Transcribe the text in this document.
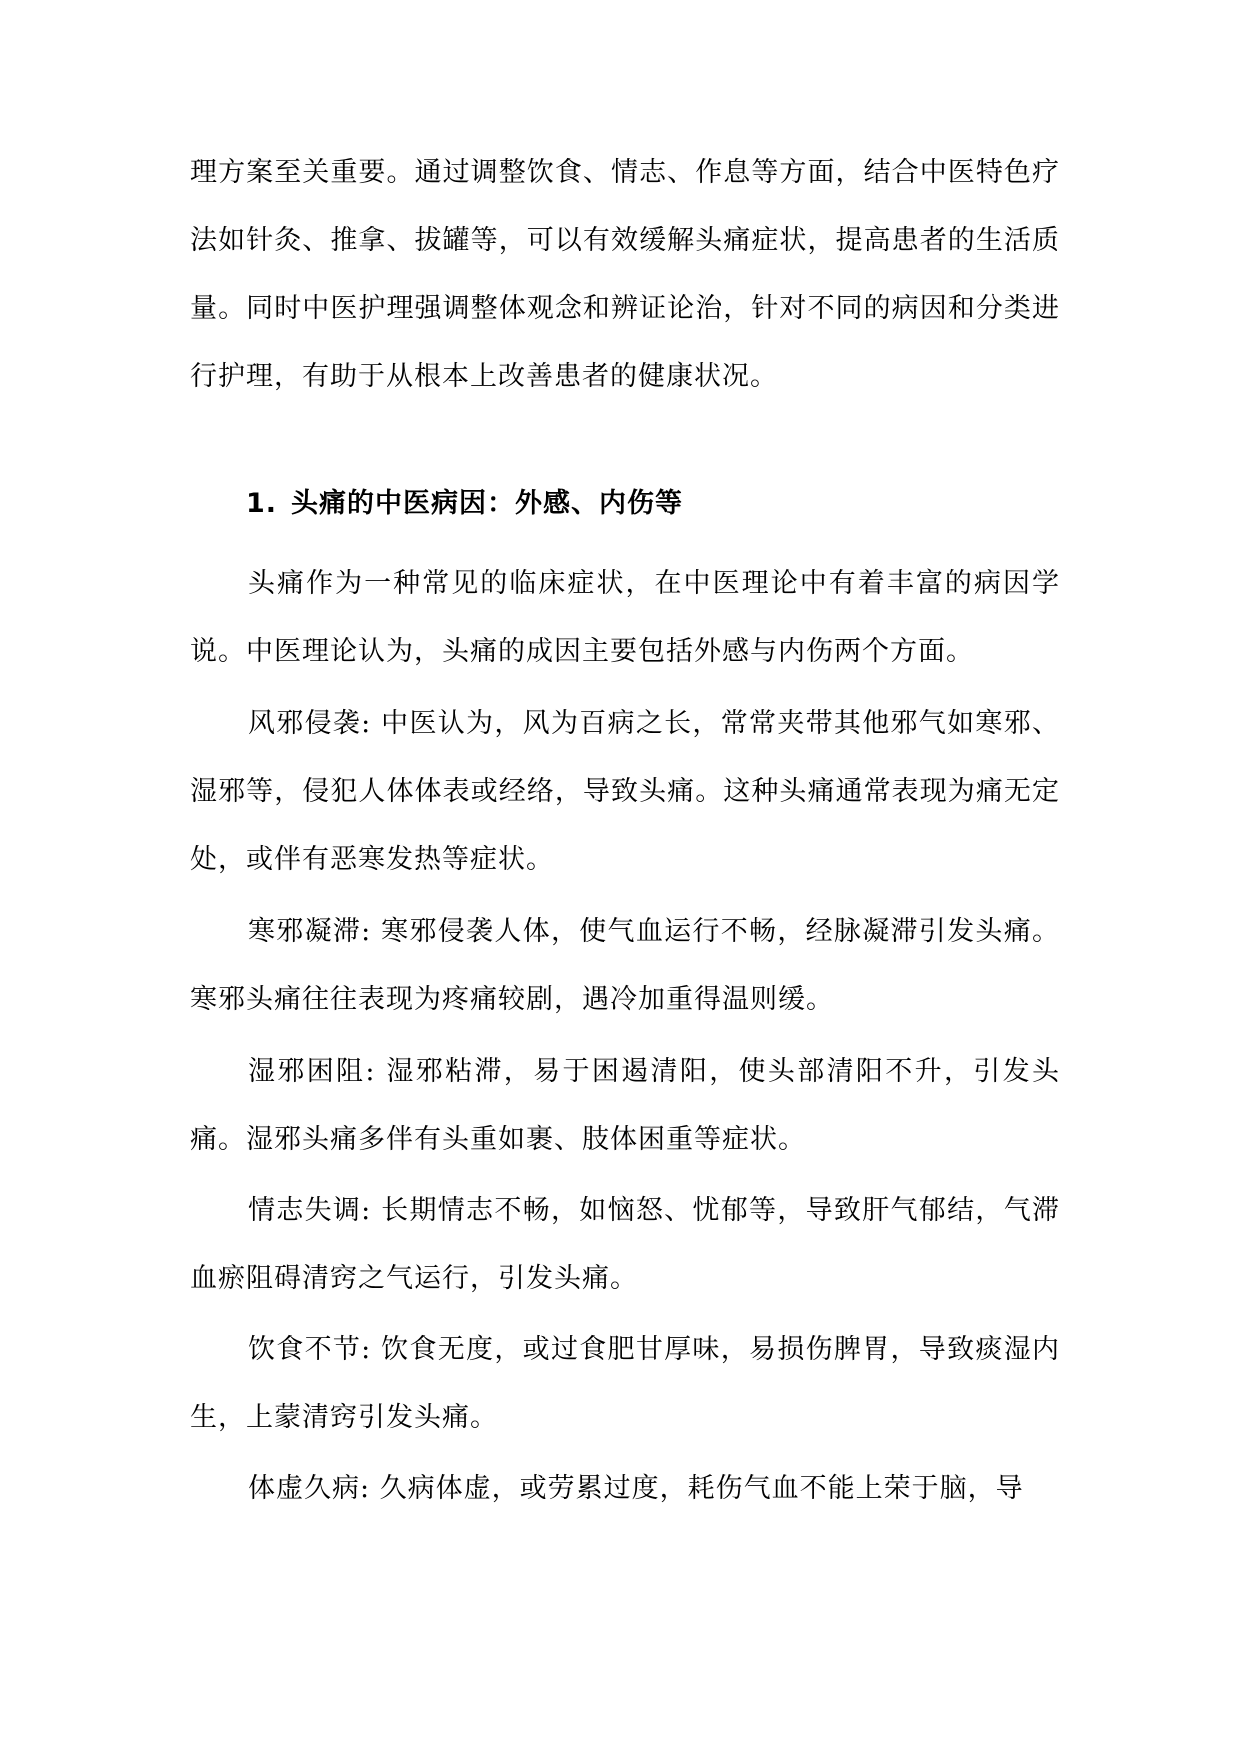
理方案至关重要。通过调整饮食、情志、作息等方面，结合中医特色疗法如针灸、推拿、拔罐等，可以有效缓解头痛症状，提高患者的生活质量。同时中医护理强调整体观念和辨证论治，针对不同的病因和分类进行护理，有助于从根本上改善患者的健康状况。

1. 头痛的中医病因：外感、内伤等

头痛作为一种常见的临床症状，在中医理论中有着丰富的病因学说。中医理论认为，头痛的成因主要包括外感与内伤两个方面。

风邪侵袭: 中医认为，风为百病之长，常常夹带其他邪气如寒邪、湿邪等，侵犯人体体表或经络，导致头痛。这种头痛通常表现为痛无定处，或伴有恶寒发热等症状。

寒邪凝滞: 寒邪侵袭人体，使气血运行不畅，经脉凝滞引发头痛。寒邪头痛往往表现为疼痛较剧，遇冷加重得温则缓。

湿邪困阻: 湿邪粘滞，易于困遏清阳，使头部清阳不升，引发头痛。湿邪头痛多伴有头重如裹、肢体困重等症状。

情志失调: 长期情志不畅，如恼怒、忧郁等，导致肝气郁结，气滞血瘀阻碍清窍之气运行，引发头痛。

饮食不节: 饮食无度，或过食肥甘厚味，易损伤脾胃，导致痰湿内生，上蒙清窍引发头痛。

体虚久病: 久病体虚，或劳累过度，耗伤气血不能上荣于脑，导
